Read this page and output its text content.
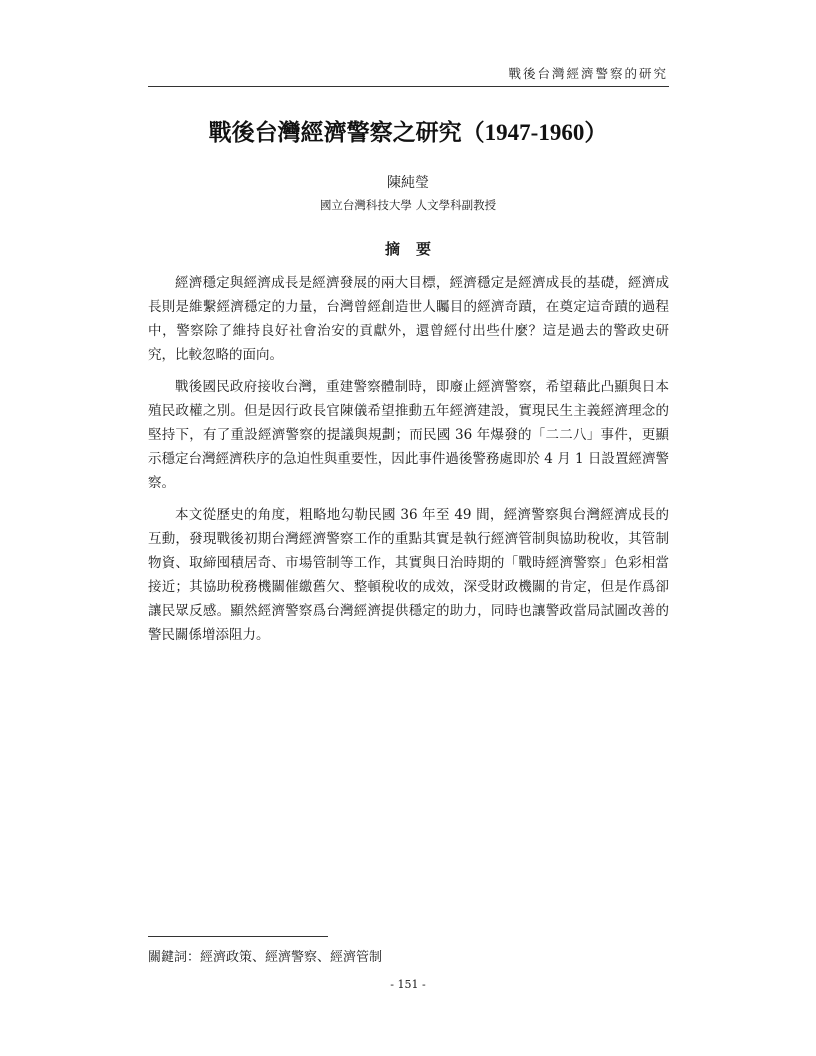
戰後台灣經濟警察的研究
戰後台灣經濟警察之研究（1947-1960）
陳純瑩
國立台灣科技大學 人文學科副教授
摘要

經濟穩定與經濟成長是經濟發展的兩大目標，經濟穩定是經濟成長的基礎，經濟成長則是維繫經濟穩定的力量，台灣曾經創造世人矚目的經濟奇蹟，在奠定這奇蹟的過程中，警察除了維持良好社會治安的貢獻外，還曾經付出些什麼？這是過去的警政史研究，比較忽略的面向。

戰後國民政府接收台灣，重建警察體制時，即廢止經濟警察，希望藉此凸顯與日本殖民政權之別。但是因行政長官陳儀希望推動五年經濟建設，實現民生主義經濟理念的堅持下，有了重設經濟警察的提議與規劃；而民國 36 年爆發的「二二八」事件，更顯示穩定台灣經濟秩序的急迫性與重要性，因此事件過後警務處即於 4 月 1 日設置經濟警察。

本文從歷史的角度，粗略地勾勒民國 36 年至 49 間，經濟警察與台灣經濟成長的互動，發現戰後初期台灣經濟警察工作的重點其實是執行經濟管制與協助稅收，其管制物資、取締囤積居奇、市場管制等工作，其實與日治時期的「戰時經濟警察」色彩相當接近；其協助稅務機關催繳舊欠、整頓稅收的成效，深受財政機關的肯定，但是作爲卻讓民眾反感。顯然經濟警察爲台灣經濟提供穩定的助力，同時也讓警政當局試圖改善的警民關係增添阻力。

關鍵詞：經濟政策、經濟警察、經濟管制
- 151 -
